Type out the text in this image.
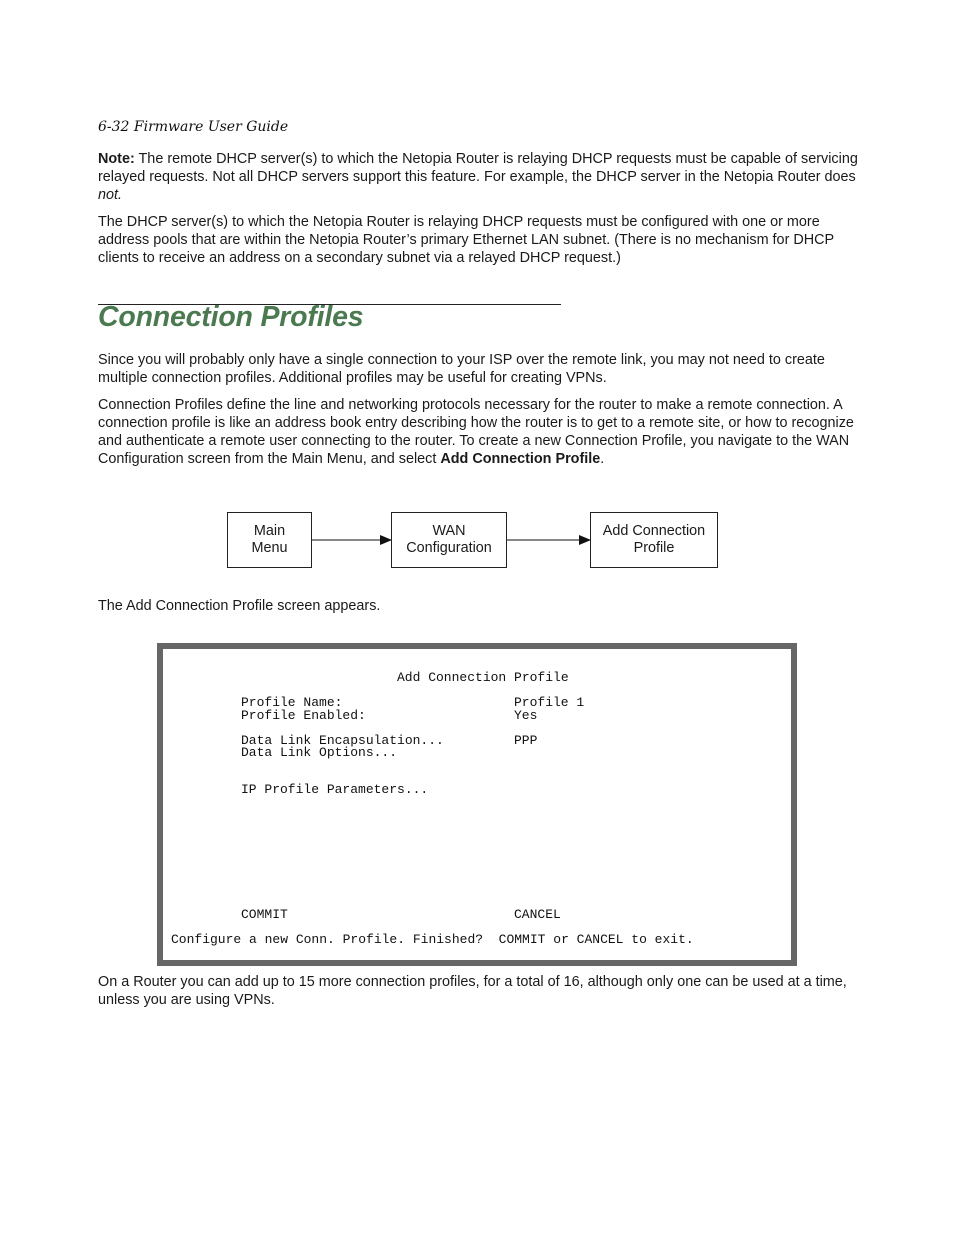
6-32 Firmware User Guide

Note: The remote DHCP server(s) to which the Netopia Router is relaying DHCP requests must be capable of servicing relayed requests. Not all DHCP servers support this feature. For example, the DHCP server in the Netopia Router does not.

The DHCP server(s) to which the Netopia Router is relaying DHCP requests must be configured with one or more address pools that are within the Netopia Router’s primary Ethernet LAN subnet. (There is no mechanism for DHCP clients to receive an address on a secondary subnet via a relayed DHCP request.)

Connection Profiles

Since you will probably only have a single connection to your ISP over the remote link, you may not need to create multiple connection profiles. Additional profiles may be useful for creating VPNs.

Connection Profiles define the line and networking protocols necessary for the router to make a remote connection. A connection profile is like an address book entry describing how the router is to get to a remote site, or how to recognize and authenticate a remote user connecting to the router. To create a new Connection Profile, you navigate to the WAN Configuration screen from the Main Menu, and select Add Connection Profile.

Main
Menu
WAN
Configuration
Add Connection
Profile

The Add Connection Profile screen appears.

Add Connection Profile
Profile Name:	Profile 1
Profile Enabled:	Yes
Data Link Encapsulation...	PPP
Data Link Options...
IP Profile Parameters...
COMMIT	CANCEL
Configure a new Conn. Profile. Finished?  COMMIT or CANCEL to exit.

On a Router you can add up to 15 more connection profiles, for a total of 16, although only one can be used at a time, unless you are using VPNs.
